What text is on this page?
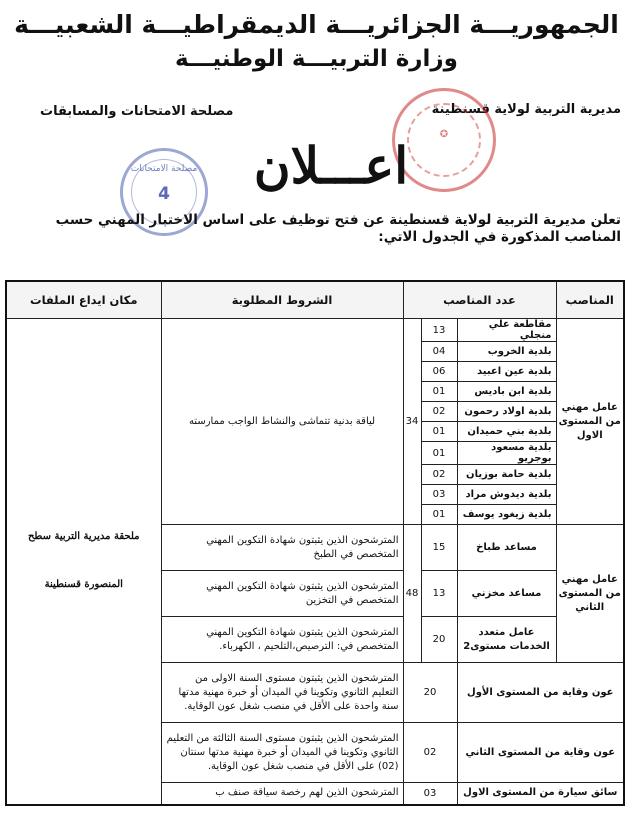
الجمهوريـــة الجزائريـــة الديمقراطيـــة الشعبيـــة
وزارة التربيـــة الوطنيـــة
مديرية التربية لولاية قسنطينة
مصلحة الامتحانات والمسابقات
✪
مصلحة الامتحانات
4	اعـــلان
تعلن مديرية التربية لولاية قسنطينة عن فتح توظيف على اساس الاختبار المهني حسب المناصب المذكورة في الجدول الاتي:
المناصب	عدد المناصب			الشروط المطلوبة	مكان ايداع الملفات
عامل مهني من المستوى الاول	مقاطعة علي منجلي	13	34	لياقة بدنية تتماشى والنشاط الواجب ممارسته	ملحقة مديرية التربية سطح المنصورة قسنطينة
	بلدية الخروب	04			
	بلدية عين اعبيد	06			
	بلدية ابن باديس	01			
	بلدية اولاد رحمون	02			
	بلدية بني حميدان	01			
	بلدية مسعود بوجريو	01			
	بلدية حامة بوزيان	02			
	بلدية ديدوش مراد	03			
	بلدية زيغود يوسف	01			
عامل مهني من المستوى الثاني	مساعد طباخ	15	48	المترشحون الذين يثبتون شهادة التكوين المهني المتخصص في الطبخ	
	مساعد مخزني	13		المترشحون الذين يثبتون شهادة التكوين المهني المتخصص في التخزين	
	عامل متعدد الخدمات مستوى2	20		المترشحون الذين يثبتون شهادة التكوين المهني المتخصص في: الترصيص،التلحيم ، الكهرباء.	
عون وقاية من المستوى الأول		20		المترشحون الذين يثبتون مستوى السنة الاولى من التعليم الثانوي وتكوينا في الميدان أو خبرة مهنية مدتها سنة واحدة على الأقل في منصب شغل عون الوقاية.	
عون وقاية من المستوى الثاني		02		المترشحون الذين يثبتون مستوى السنة الثالثة من التعليم الثانوي وتكوينا في الميدان أو خبرة مهنية مدتها سنتان (02) على الأقل في منصب شغل عون الوقاية.	
سائق سيارة من المستوى الاول		03		المترشحون الذين لهم رخصة سياقة صنف ب	
